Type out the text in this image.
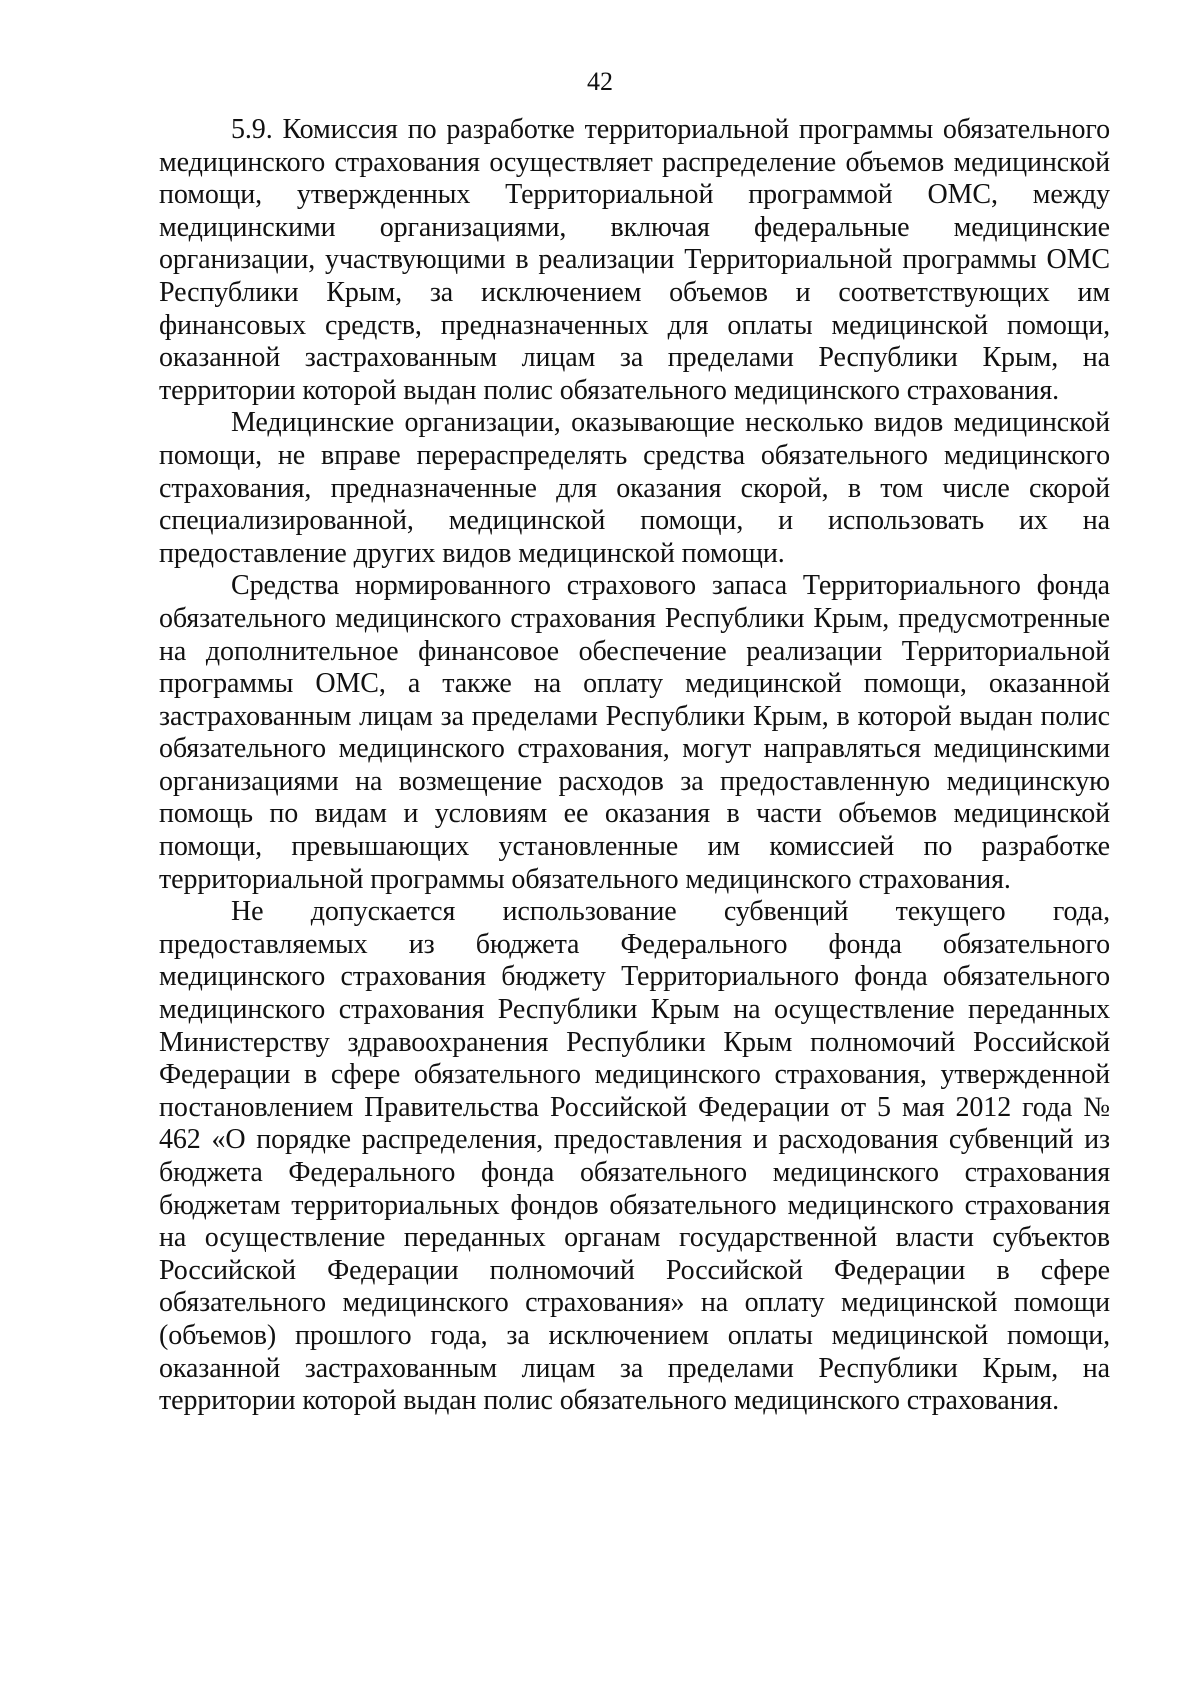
42

5.9. Комиссия по разработке территориальной программы обязательного медицинского страхования осуществляет распределение объемов медицинской помощи, утвержденных Территориальной программой ОМС, между медицинскими организациями, включая федеральные медицинские организации, участвующими в реализации Территориальной программы ОМС Республики Крым, за исключением объемов и соответствующих им финансовых средств, предназначенных для оплаты медицинской помощи, оказанной застрахованным лицам за пределами Республики Крым, на территории которой выдан полис обязательного медицинского страхования.

Медицинские организации, оказывающие несколько видов медицинской помощи, не вправе перераспределять средства обязательного медицинского страхования, предназначенные для оказания скорой, в том числе скорой специализированной, медицинской помощи, и использовать их на предоставление других видов медицинской помощи.

Средства нормированного страхового запаса Территориального фонда обязательного медицинского страхования Республики Крым, предусмотренные на дополнительное финансовое обеспечение реализации Территориальной программы ОМС, а также на оплату медицинской помощи, оказанной застрахованным лицам за пределами Республики Крым, в которой выдан полис обязательного медицинского страхования, могут направляться медицинскими организациями на возмещение расходов за предоставленную медицинскую помощь по видам и условиям ее оказания в части объемов медицинской помощи, превышающих установленные им комиссией по разработке территориальной программы обязательного медицинского страхования.

Не допускается использование субвенций текущего года, предоставляемых из бюджета Федерального фонда обязательного медицинского страхования бюджету Территориального фонда обязательного медицинского страхования Республики Крым на осуществление переданных Министерству здравоохранения Республики Крым полномочий Российской Федерации в сфере обязательного медицинского страхования, утвержденной постановлением Правительства Российской Федерации от 5 мая 2012 года № 462 «О порядке распределения, предоставления и расходования субвенций из бюджета Федерального фонда обязательного медицинского страхования бюджетам территориальных фондов обязательного медицинского страхования на осуществление переданных органам государственной власти субъектов Российской Федерации полномочий Российской Федерации в сфере обязательного медицинского страхования» на оплату медицинской помощи (объемов) прошлого года, за исключением оплаты медицинской помощи, оказанной застрахованным лицам за пределами Республики Крым, на территории которой выдан полис обязательного медицинского страхования.
